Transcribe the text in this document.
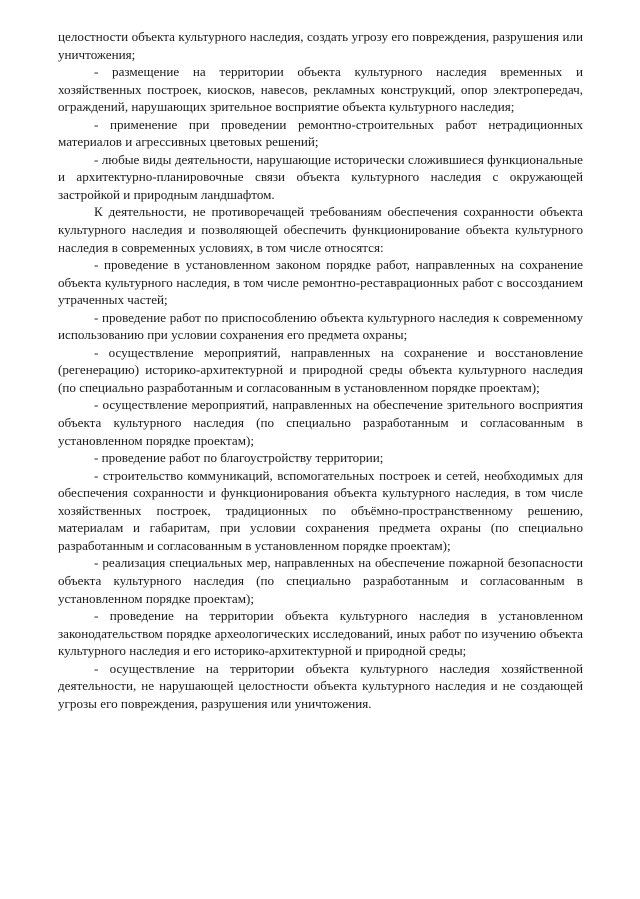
целостности объекта культурного наследия, создать угрозу его повреждения, разрушения или уничтожения;

- размещение на территории объекта культурного наследия временных и хозяйственных построек, киосков, навесов, рекламных конструкций, опор электропередач, ограждений, нарушающих зрительное восприятие объекта культурного наследия;

- применение при проведении ремонтно-строительных работ нетрадиционных материалов и агрессивных цветовых решений;

- любые виды деятельности, нарушающие исторически сложившиеся функциональные и архитектурно-планировочные связи объекта культурного наследия с окружающей застройкой и природным ландшафтом.

К деятельности, не противоречащей требованиям обеспечения сохранности объекта культурного наследия и позволяющей обеспечить функционирование объекта культурного наследия в современных условиях, в том числе относятся:

- проведение в установленном законом порядке работ, направленных на сохранение объекта культурного наследия, в том числе ремонтно-реставрационных работ с воссозданием утраченных частей;

- проведение работ по приспособлению объекта культурного наследия к современному использованию при условии сохранения его предмета охраны;

- осуществление мероприятий, направленных на сохранение и восстановление (регенерацию) историко-архитектурной и природной среды объекта культурного наследия (по специально разработанным и согласованным в установленном порядке проектам);

- осуществление мероприятий, направленных на обеспечение зрительного восприятия объекта культурного наследия (по специально разработанным и согласованным в установленном порядке проектам);

- проведение работ по благоустройству территории;

- строительство коммуникаций, вспомогательных построек и сетей, необходимых для обеспечения сохранности и функционирования объекта культурного наследия, в том числе хозяйственных построек, традиционных по объёмно-пространственному решению, материалам и габаритам, при условии сохранения предмета охраны (по специально разработанным и согласованным в установленном порядке проектам);

- реализация специальных мер, направленных на обеспечение пожарной безопасности объекта культурного наследия (по специально разработанным и согласованным в установленном порядке проектам);

- проведение на территории объекта культурного наследия в установленном законодательством порядке археологических исследований, иных работ по изучению объекта культурного наследия и его историко-архитектурной и природной среды;

- осуществление на территории объекта культурного наследия хозяйственной деятельности, не нарушающей целостности объекта культурного наследия и не создающей угрозы его повреждения, разрушения или уничтожения.
